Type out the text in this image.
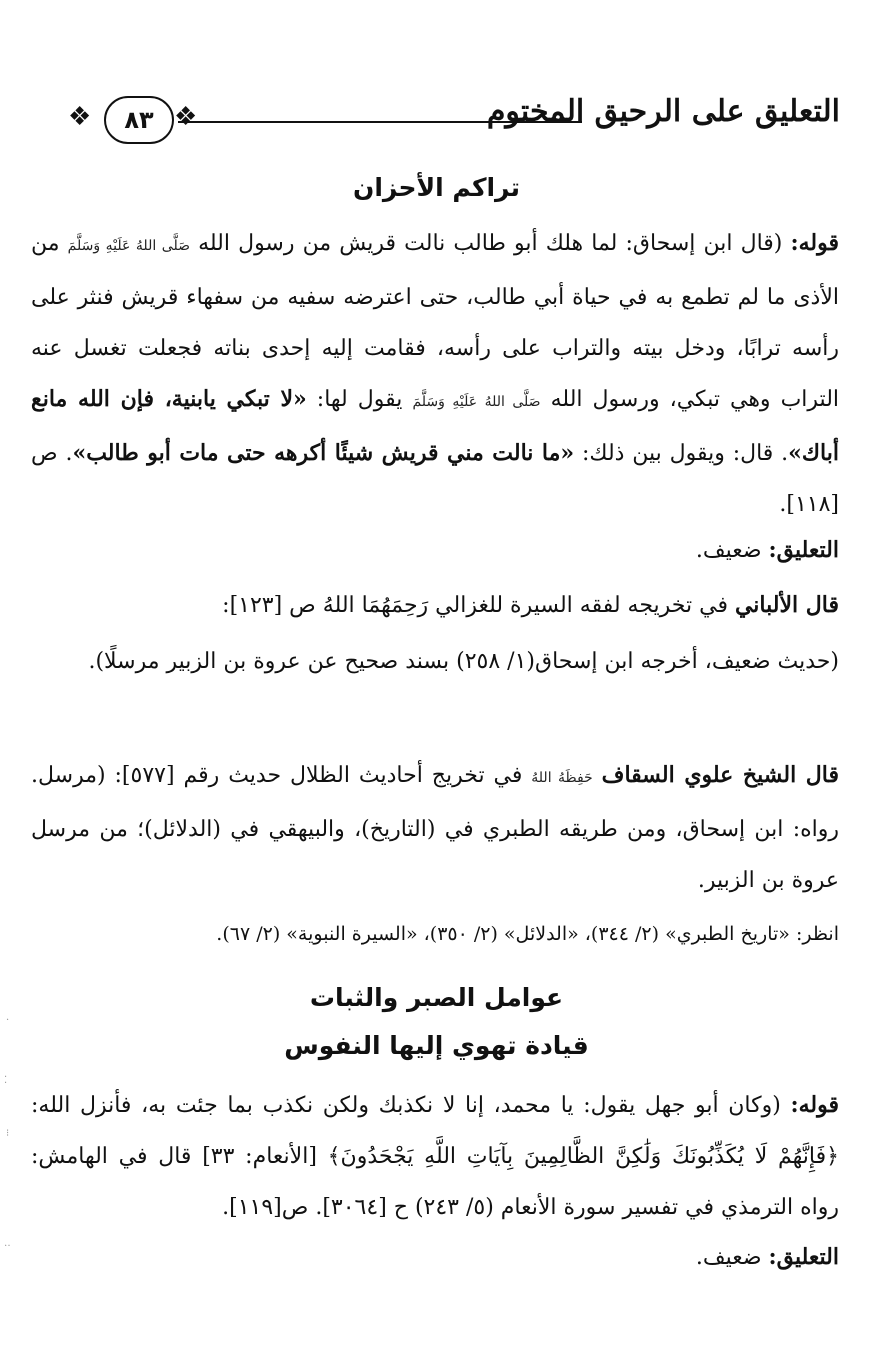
التعليق على الرحيق المختوم
❖	٨٣ ❖
تراكم الأحزان
قوله: (قال ابن إسحاق: لما هلك أبو طالب نالت قريش من رسول الله صَلَّى اللهُ عَلَيْهِ وَسَلَّمَ من الأذى ما لم تطمع به في حياة أبي طالب، حتى اعترضه سفيه من سفهاء قريش فنثر على رأسه ترابًا، ودخل بيته والتراب على رأسه، فقامت إليه إحدى بناته فجعلت تغسل عنه التراب وهي تبكي، ورسول الله صَلَّى اللهُ عَلَيْهِ وَسَلَّمَ يقول لها: «لا تبكي يابنية، فإن الله مانع أباك». قال: ويقول بين ذلك: «ما نالت مني قريش شيئًا أكرهه حتى مات أبو طالب». ص [١١٨].
التعليق: ضعيف.
قال الألباني في تخريجه لفقه السيرة للغزالي رَحِمَهُمَا اللهُ ص [١٢٣]:
(حديث ضعيف، أخرجه ابن إسحاق(١/ ٢٥٨) بسند صحيح عن عروة بن الزبير مرسلًا).
قال الشيخ علوي السقاف حَفِظَهُ اللهُ في تخريج أحاديث الظلال حديث رقم [٥٧٧]: (مرسل. رواه: ابن إسحاق، ومن طريقه الطبري في (التاريخ)، والبيهقي في (الدلائل)؛ من مرسل عروة بن الزبير.
انظر: «تاريخ الطبري» (٢/ ٣٤٤)، «الدلائل» (٢/ ٣٥٠)، «السيرة النبوية» (٢/ ٦٧).
عوامل الصبر والثبات
قيادة تهوي إليها النفوس
قوله: (وكان أبو جهل يقول: يا محمد، إنا لا نكذبك ولكن نكذب بما جئت به، فأنزل الله: ﴿فَإِنَّهُمْ لَا يُكَذِّبُونَكَ وَلَٰكِنَّ الظَّالِمِينَ بِآيَاتِ اللَّهِ يَجْحَدُونَ﴾ [الأنعام: ٣٣] قال في الهامش: رواه الترمذي في تفسير سورة الأنعام (٥/ ٢٤٣) ح [٣٠٦٤]. ص[١١٩].
التعليق: ضعيف.
·
⁚
⁝
‥
